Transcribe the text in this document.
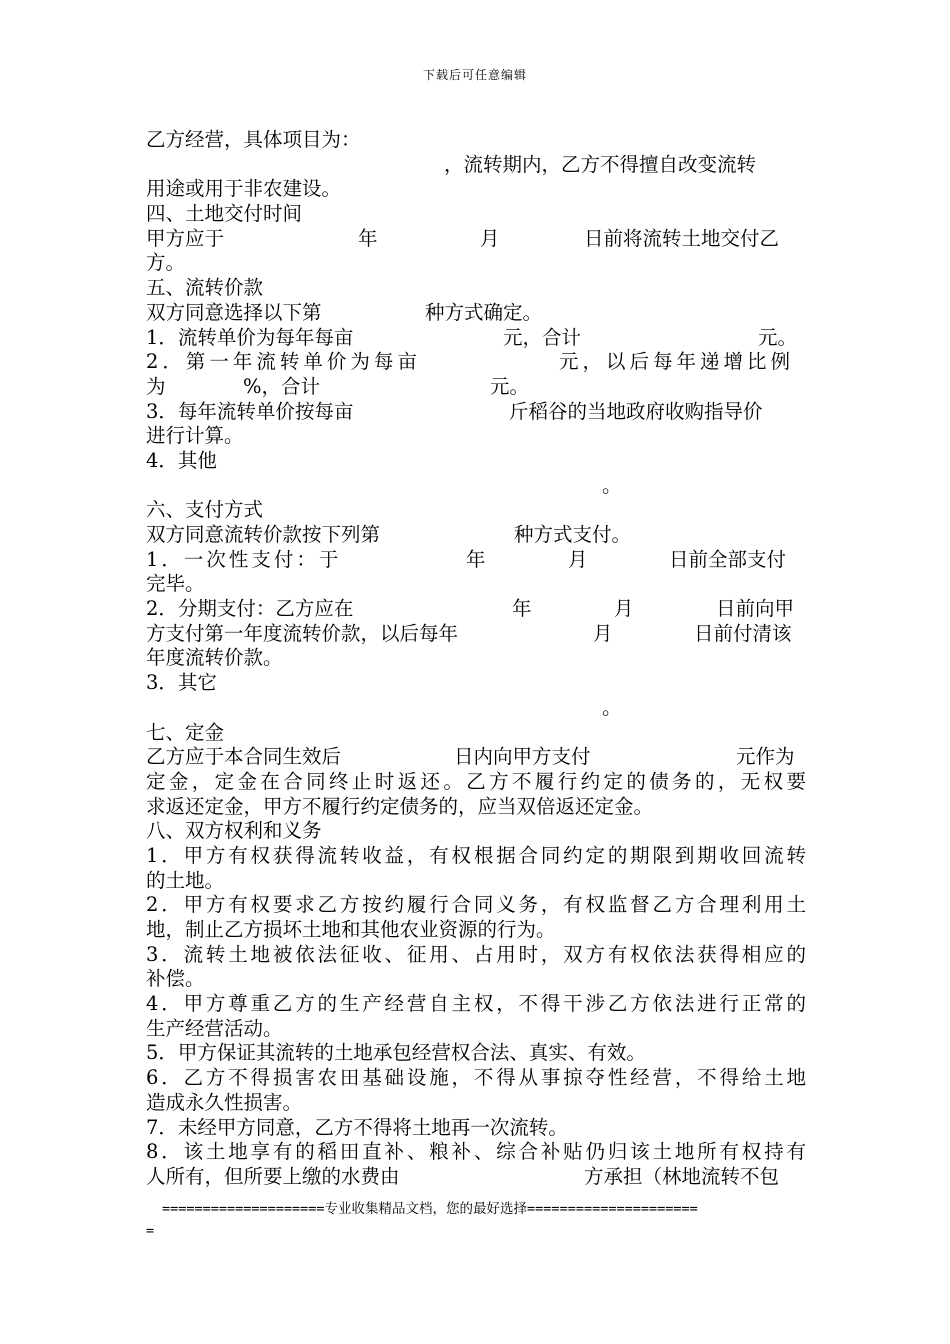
下载后可任意编辑
乙方经营，具体项目为：
，流转期内，乙方不得擅自改变流转
用途或用于非农建设。
四、土地交付时间

甲方应于

	年

	月

	日前将流转土地交付乙

方。
五、流转价款

双方同意选择以下第

	种方式确定。

1．流转单价为每年每亩

	元，合计

	元。

2．第一年流转单价为每亩

	元，以后每年递增比例

为

	%，合计

	元。

3．每年流转单价按每亩

	斤稻谷的当地政府收购指导价

进行计算。
4．其他
。
六、支付方式

双方同意流转价款按下列第

	种方式支付。

1．一次性支付：于

	年

	月

	日前全部支付

完毕。

2．分期支付：乙方应在

	年

	月

	日前向甲

方支付第一年度流转价款，以后每年

	月

	日前付清该

年度流转价款。
3．其它
。
七、定金

乙方应于本合同生效后

	日内向甲方支付

	元作为

定金，定金在合同终止时返还。乙方不履行约定的债务的，无权要
求返还定金，甲方不履行约定债务的，应当双倍返还定金。
八、双方权利和义务
1．甲方有权获得流转收益，有权根据合同约定的期限到期收回流转
的土地。
2．甲方有权要求乙方按约履行合同义务，有权监督乙方合理利用土
地，制止乙方损坏土地和其他农业资源的行为。
3．流转土地被依法征收、征用、占用时，双方有权依法获得相应的
补偿。
4．甲方尊重乙方的生产经营自主权，不得干涉乙方依法进行正常的
生产经营活动。
5．甲方保证其流转的土地承包经营权合法、真实、有效。
6．乙方不得损害农田基础设施，不得从事掠夺性经营，不得给土地
造成永久性损害。
7．未经甲方同意，乙方不得将土地再一次流转。
8．该土地享有的稻田直补、粮补、综合补贴仍归该土地所有权持有

人所有，但所要上缴的水费由

	方承担（林地流转不包

====================专业收集精品文档，您的最好选择=====================
=
